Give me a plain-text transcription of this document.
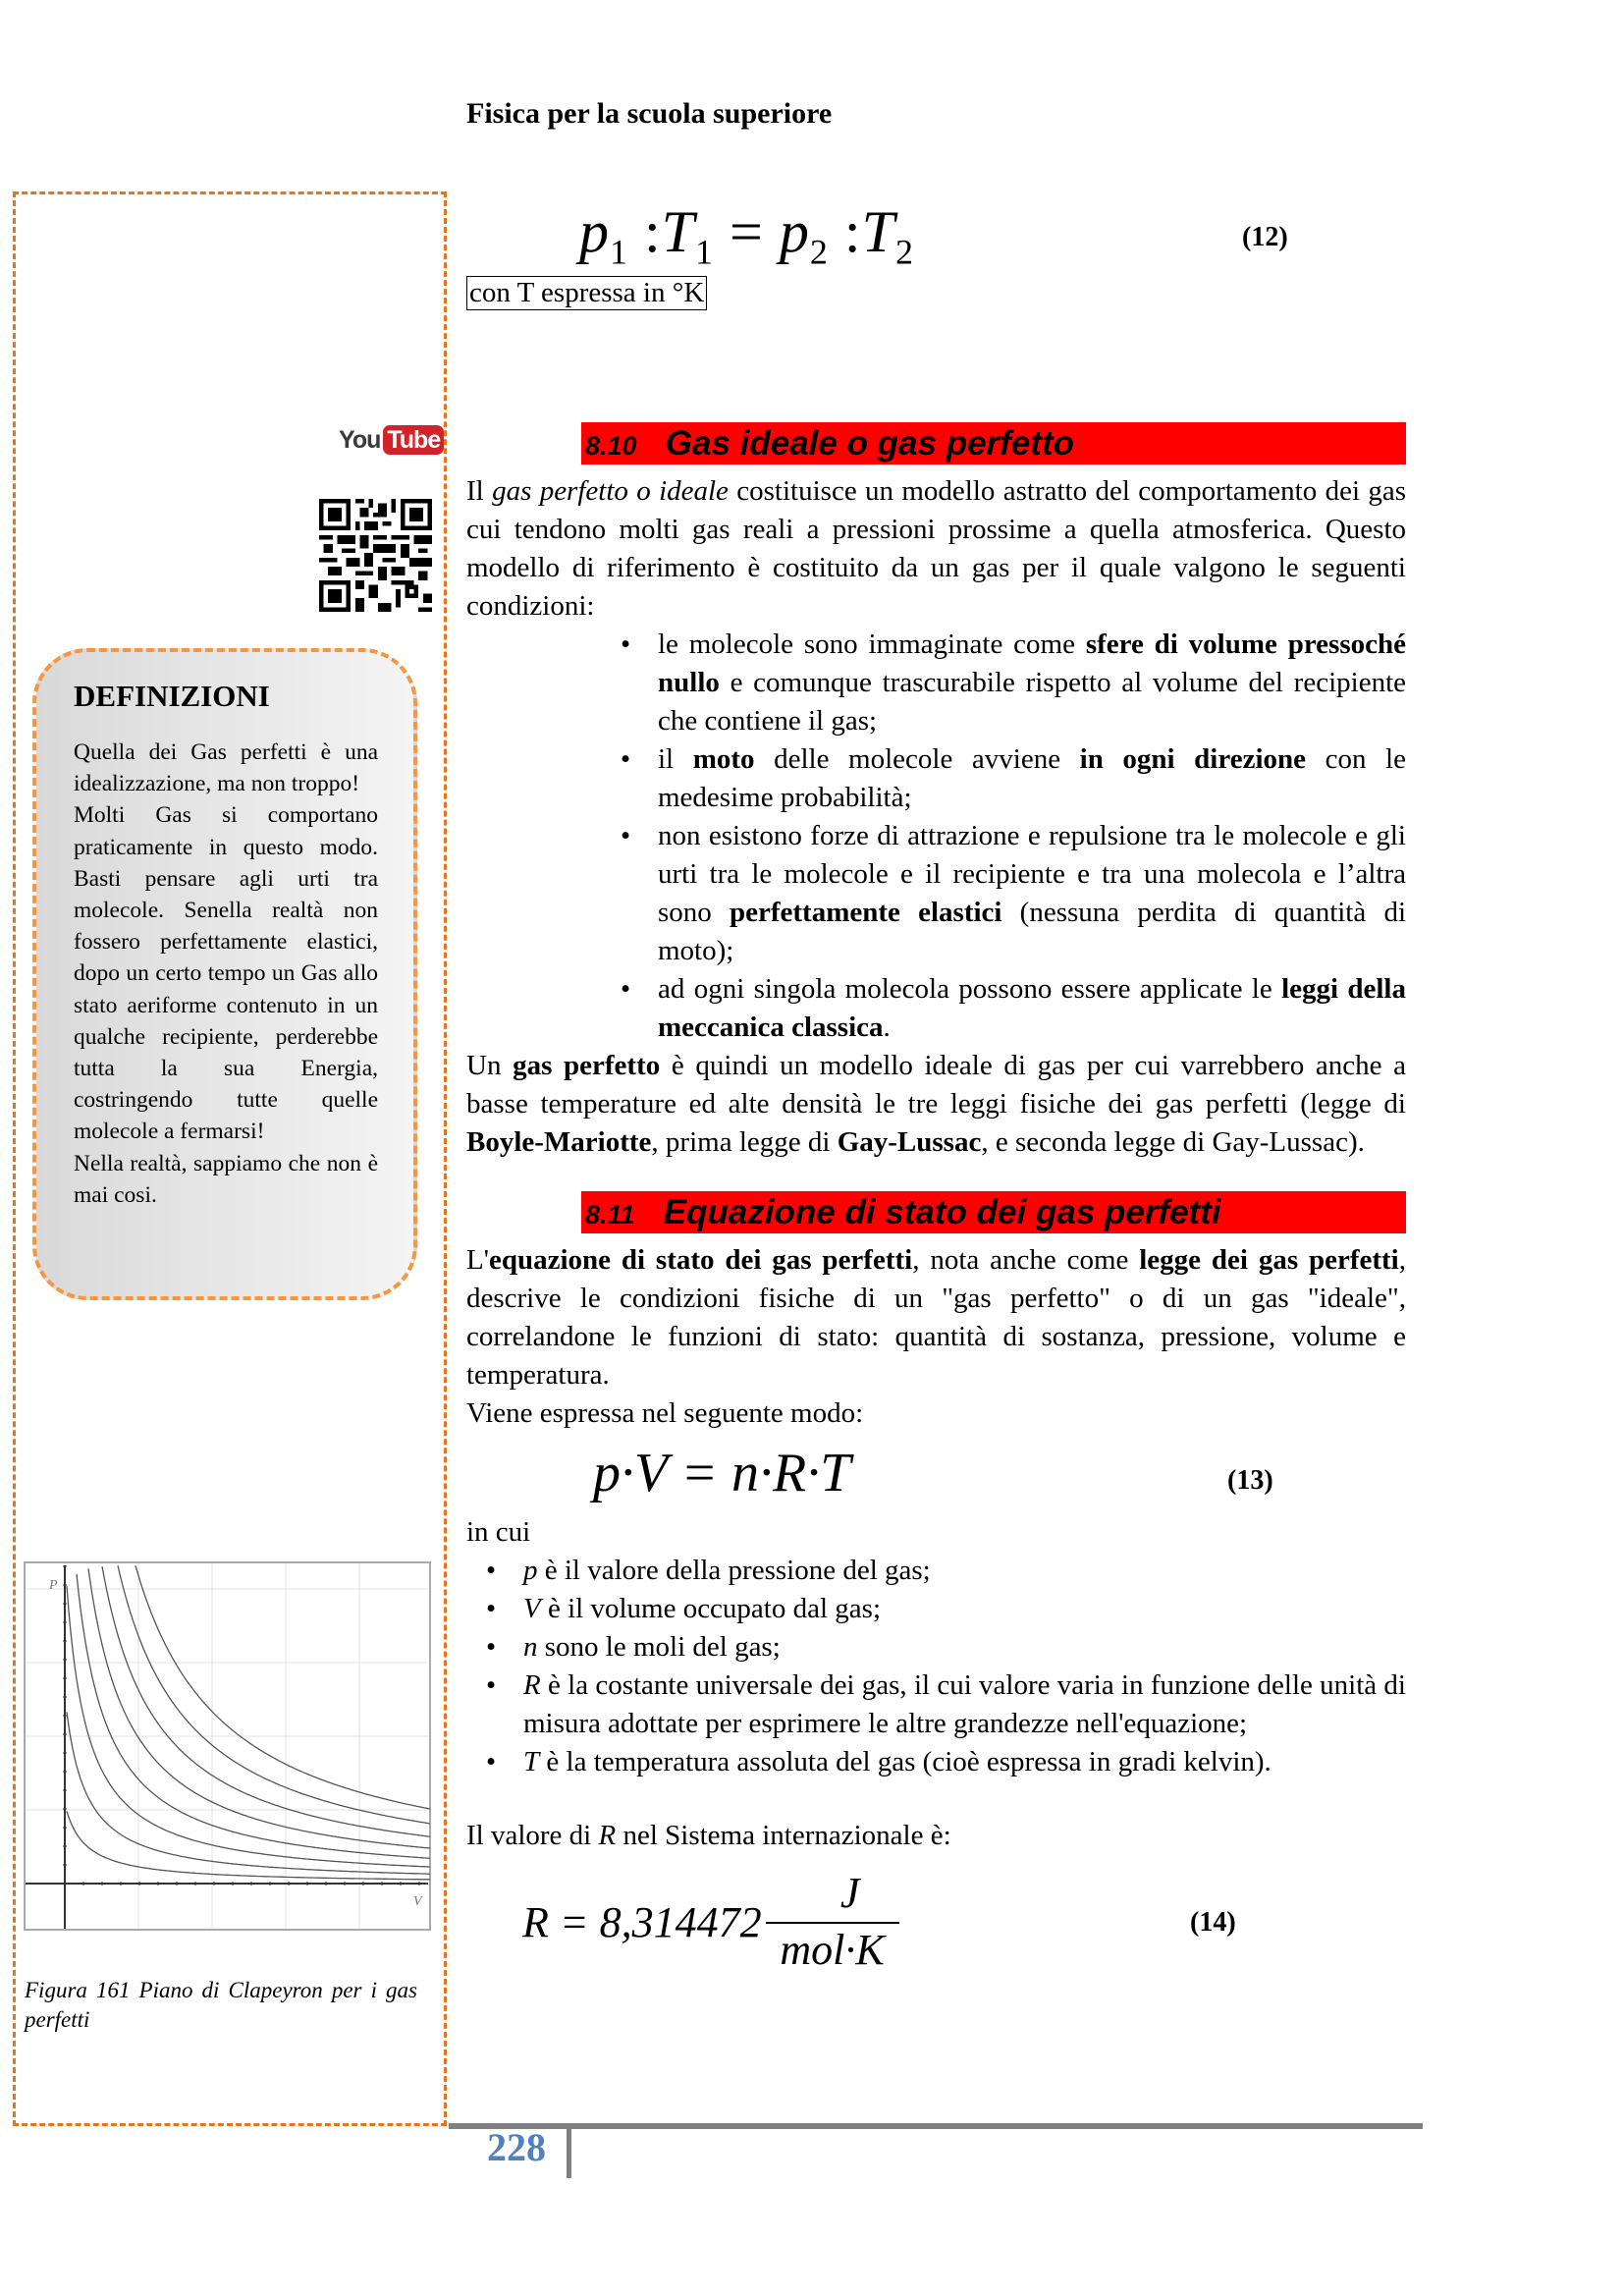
Fisica per la scuola superiore
You Tube
DEFINIZIONI

Quella dei Gas perfetti è una idealizzazione, ma non troppo!

Molti Gas si comportano praticamente in questo modo. Basti pensare agli urti tra molecole. Senella realtà non fossero perfettamente elastici, dopo un certo tempo un Gas allo stato aeriforme contenuto in un qualche recipiente, perderebbe tutta la sua Energia, costringendo tutte quelle molecole a fermarsi!

Nella realtà, sappiamo che non è mai cosi.

P
V
Figura 161 Piano di Clapeyron per i gas perfetti
$p_1$ $:T_1 = p_2$ $:T_2$	(12)
con T espressa in °K
8.10 Gas ideale o gas perfetto

Il gas perfetto o ideale costituisce un modello astratto del comportamento dei gas cui tendono molti gas reali a pressioni prossime a quella atmosferica. Questo modello di riferimento è costituito da un gas per il quale valgono le seguenti condizioni:

• le molecole sono immaginate come sfere di volume pressoché nullo e comunque trascurabile rispetto al volume del recipiente che contiene il gas;
• il moto delle molecole avviene in ogni direzione con le medesime probabilità;
• non esistono forze di attrazione e repulsione tra le molecole e gli urti tra le molecole e il recipiente e tra una molecola e l’altra sono perfettamente elastici (nessuna perdita di quantità di moto);
• ad ogni singola molecola possono essere applicate le leggi della meccanica classica.

Un gas perfetto è quindi un modello ideale di gas per cui varrebbero anche a basse temperature ed alte densità le tre leggi fisiche dei gas perfetti (legge di Boyle-Mariotte, prima legge di Gay-Lussac, e seconda legge di Gay-Lussac).

8.11 Equazione di stato dei gas perfetti

L'equazione di stato dei gas perfetti, nota anche come legge dei gas perfetti, descrive le condizioni fisiche di un "gas perfetto" o di un gas "ideale", correlandone le funzioni di stato: quantità di sostanza, pressione, volume e temperatura.

Viene espressa nel seguente modo:

p·V = n·R·T	(13)

in cui

• p è il valore della pressione del gas;
• V è il volume occupato dal gas;
• n sono le moli del gas;
• R è la costante universale dei gas, il cui valore varia in funzione delle unità di misura adottate per esprimere le altre grandezze nell'equazione;
• T è la temperatura assoluta del gas (cioè espressa in gradi kelvin).

Il valore di R nel Sistema internazionale è:

$R = 8,314472 \frac{J}{\text{mol·K}}$	(14)
228
